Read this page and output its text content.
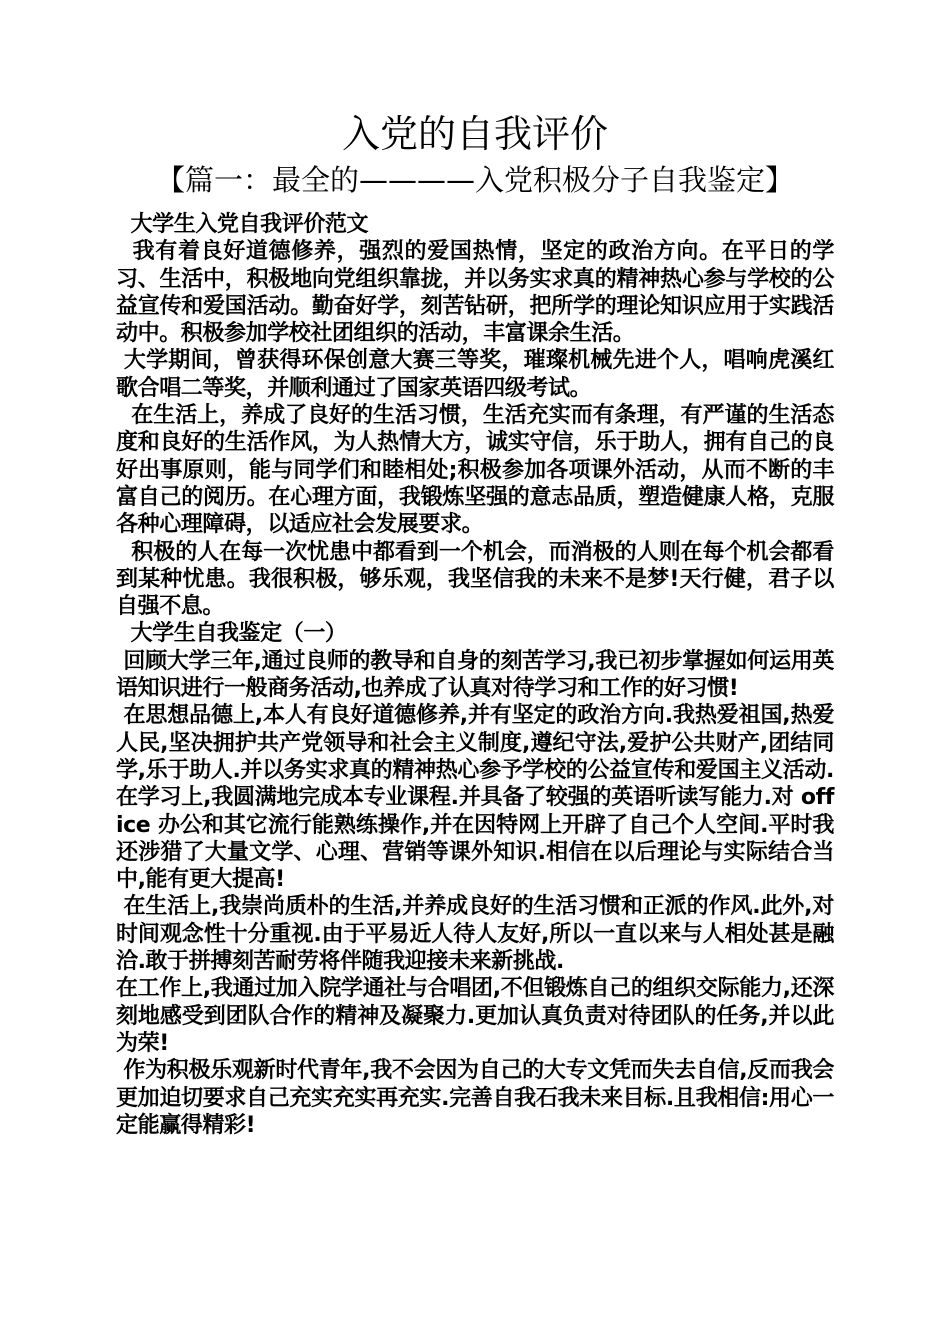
入党的自我评价
【篇一：最全的————入党积极分子自我鉴定】
大学生入党自我评价范文

我有着良好道德修养，强烈的爱国热情，坚定的政治方向。在平日的学习、生活中，积极地向党组织靠拢，并以务实求真的精神热心参与学校的公益宣传和爱国活动。勤奋好学，刻苦钻研，把所学的理论知识应用于实践活动中。积极参加学校社团组织的活动，丰富课余生活。

大学期间，曾获得环保创意大赛三等奖，璀璨机械先进个人，唱响虎溪红歌合唱二等奖，并顺利通过了国家英语四级考试。

在生活上，养成了良好的生活习惯，生活充实而有条理，有严谨的生活态度和良好的生活作风，为人热情大方，诚实守信，乐于助人，拥有自己的良好出事原则，能与同学们和睦相处;积极参加各项课外活动，从而不断的丰富自己的阅历。在心理方面，我锻炼坚强的意志品质，塑造健康人格，克服各种心理障碍，以适应社会发展要求。

积极的人在每一次忧患中都看到一个机会，而消极的人则在每个机会都看到某种忧患。我很积极，够乐观，我坚信我的未来不是梦!天行健，君子以自强不息。

大学生自我鉴定（一）

回顾大学三年,通过良师的教导和自身的刻苦学习,我已初步掌握如何运用英语知识进行一般商务活动,也养成了认真对待学习和工作的好习惯!

在思想品德上,本人有良好道德修养,并有坚定的政治方向.我热爱祖国,热爱人民,坚决拥护共产党领导和社会主义制度,遵纪守法,爱护公共财产,团结同学,乐于助人.并以务实求真的精神热心参予学校的公益宣传和爱国主义活动.  在学习上,我圆满地完成本专业课程.并具备了较强的英语听读写能力.对 office 办公和其它流行能熟练操作,并在因特网上开辟了自己个人空间.平时我还涉猎了大量文学、心理、营销等课外知识.相信在以后理论与实际结合当中,能有更大提高!

在生活上,我崇尚质朴的生活,并养成良好的生活习惯和正派的作风.此外,对时间观念性十分重视.由于平易近人待人友好,所以一直以来与人相处甚是融洽.敢于拼搏刻苦耐劳将伴随我迎接未来新挑战.

在工作上,我通过加入院学通社与合唱团,不但锻炼自己的组织交际能力,还深刻地感受到团队合作的精神及凝聚力.更加认真负责对待团队的任务,并以此为荣!

作为积极乐观新时代青年,我不会因为自己的大专文凭而失去自信,反而我会更加迫切要求自己充实充实再充实.完善自我石我未来目标.且我相信:用心一定能赢得精彩!
